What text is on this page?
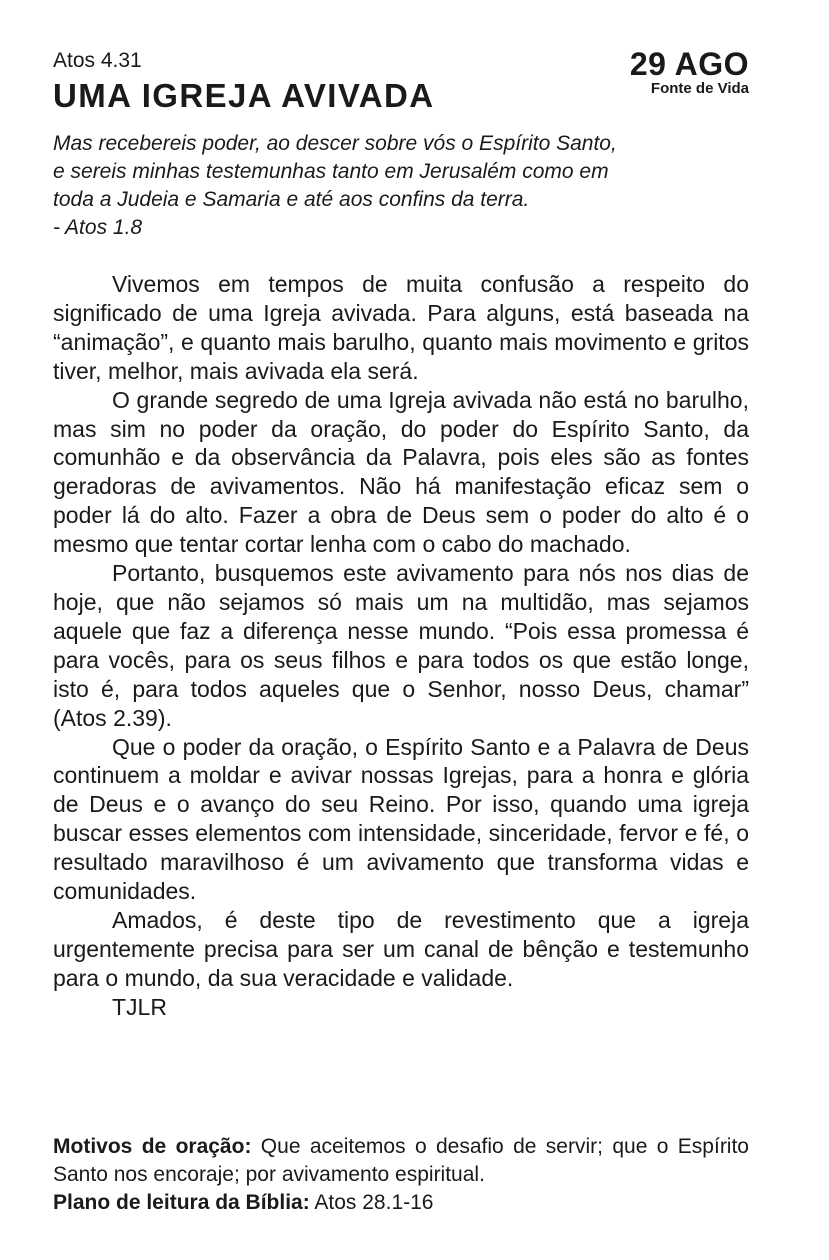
Atos 4.31
UMA IGREJA AVIVADA
29 AGO
Fonte de Vida

Mas recebereis poder, ao descer sobre vós o Espírito Santo,

e sereis minhas testemunhas tanto em Jerusalém como em

toda a Judeia e Samaria e até aos confins da terra.

- Atos 1.8

Vivemos em tempos de muita confusão a respeito do significado de uma Igreja avivada. Para alguns, está baseada na “animação”, e quanto mais barulho, quanto mais movimento e gritos tiver, melhor, mais avivada ela será.

O grande segredo de uma Igreja avivada não está no barulho, mas sim no poder da oração, do poder do Espírito Santo, da comunhão e da observância da Palavra, pois eles são as fontes geradoras de avivamentos. Não há manifestação eficaz sem o poder lá do alto. Fazer a obra de Deus sem o poder do alto é o mesmo que tentar cortar lenha com o cabo do machado.

Portanto, busquemos este avivamento para nós nos dias de hoje, que não sejamos só mais um na multidão, mas sejamos aquele que faz a diferença nesse mundo. “Pois essa promessa é para vocês, para os seus filhos e para todos os que estão longe, isto é, para todos aqueles que o Senhor, nosso Deus, chamar” (Atos 2.39).

Que o poder da oração, o Espírito Santo e a Palavra de Deus continuem a moldar e avivar nossas Igrejas, para a honra e glória de Deus e o avanço do seu Reino. Por isso, quando uma igreja buscar esses elementos com intensidade, sinceridade, fervor e fé, o resultado maravilhoso é um avivamento que transforma vidas e comunidades.

Amados, é deste tipo de revestimento que a igreja urgentemente precisa para ser um canal de bênção e testemunho para o mundo, da sua veracidade e validade.

TJLR

Motivos de oração: Que aceitemos o desafio de servir; que o Espírito Santo nos encoraje; por avivamento espiritual.

Plano de leitura da Bíblia: Atos 28.1-16
